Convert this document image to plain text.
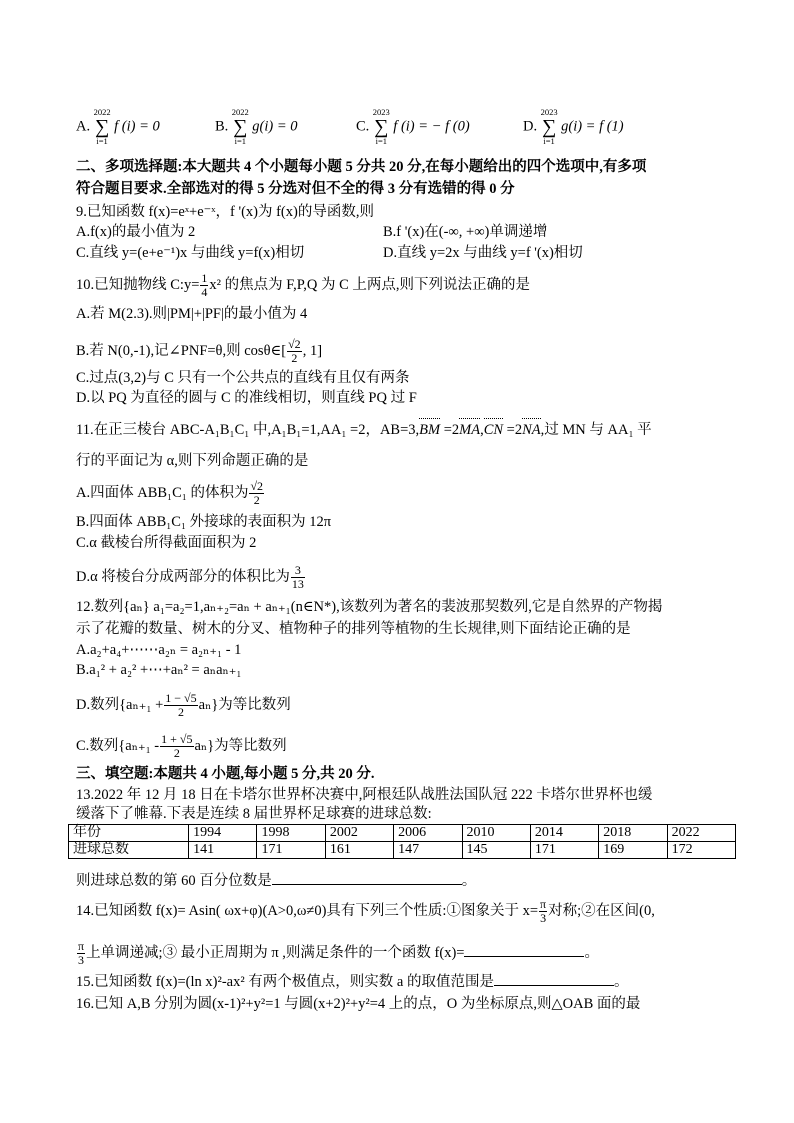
A.
2022
∑
i=1
f (i) = 0	B.
2022
∑
i=1
g(i) = 0	C.
2023
∑
i=1
f (i) = − f (0)	D.
2023
∑
i=1
g(i) = f (1)
二、多项选择题:本大题共 4 个小题每小题 5 分共 20 分,在每小题给出的四个选项中,有多项
符合题目要求.全部选对的得 5 分选对但不全的得 3 分有选错的得 0 分
9.已知函数 f(x)=eˣ+e⁻ˣ，f '(x)为 f(x)的导函数,则
A.f(x)的最小值为 2	B.f '(x)在(-∞, +∞)单调递增
C.直线 y=(e+e⁻¹)x 与曲线 y=f(x)相切	D.直线 y=2x 与曲线 y=f '(x)相切
10.已知抛物线 C:y= $\frac{1}{4} x^2$ 的焦点为 F,P,Q 为 C 上两点,则下列说法正确的是
A.若 M(2.3).则|PM|+|PF|的最小值为 4
B.若 N(0,-1),记∠PNF=θ,则 cosθ∈[ $\frac{√2}{2}$ , 1]
C.过点(3,2)与 C 只有一个公共点的直线有且仅有两条
D.以 PQ 为直径的圆与 C 的准线相切，则直线 PQ 过 F
11.在正三棱台 ABC-A₁B₁C₁ 中,A₁B₁=1,AA₁ =2，AB=3,BM =2MA,CN =2NA,过 MN 与 AA₁ 平
行的平面记为 α,则下列命题正确的是
A.四面体 ABB₁C₁ 的体积为 $\frac{√2}{2}$
B.四面体 ABB₁C₁ 外接球的表面积为 12π
C.α 截棱台所得截面面积为 2
D.α 将棱台分成两部分的体积比为 $\frac{3}{13}$
12.数列{aₙ} a₁=a₂=1,aₙ₊₂=aₙ + aₙ₊₁(n∈N*),该数列为著名的裴波那契数列,它是自然界的产物揭
示了花瓣的数量、树木的分叉、植物种子的排列等植物的生长规律,则下面结论正确的是
A.a₂+a₄+⋯⋯a₂ₙ = a₂ₙ₊₁ - 1
B.a₁² + a₂² +⋯+aₙ² = aₙaₙ₊₁
D.数列$\{a_{n+1} + \frac{1 - √5}{2} a_n\}$为等比数列
C.数列$\{a_{n+1} - \frac{1 + √5}{2} a_n\}$为等比数列
三、填空题:本题共 4 小题,每小题 5 分,共 20 分.
13.2022 年 12 月 18 日在卡塔尔世界杯决赛中,阿根廷队战胜法国队冠 222 卡塔尔世界杯也缓
缓落下了帷幕.下表是连续 8 届世界杯足球赛的进球总数:
年份	1994	1998	2002	2006	2010	2014	2018	2022
进球总数	141	171	161	147	145	171	169	172
则进球总数的第 60 百分位数是	。
14.已知函数 f(x)= Asin( ωx+φ)(A>0,ω≠0)具有下列三个性质:①图象关于 $x= \frac{\pi}{3}$ 对称;②在区间(0,
$\frac{\pi}{3}$ 上单调递减;③ 最小正周期为 π ,则满足条件的一个函数 f(x)=	。
15.已知函数 f(x)=(ln x)²-ax² 有两个极值点，则实数 a 的取值范围是	。
16.已知 A,B 分别为圆(x-1)²+y²=1 与圆(x+2)²+y²=4 上的点，O 为坐标原点,则△OAB 面的最
